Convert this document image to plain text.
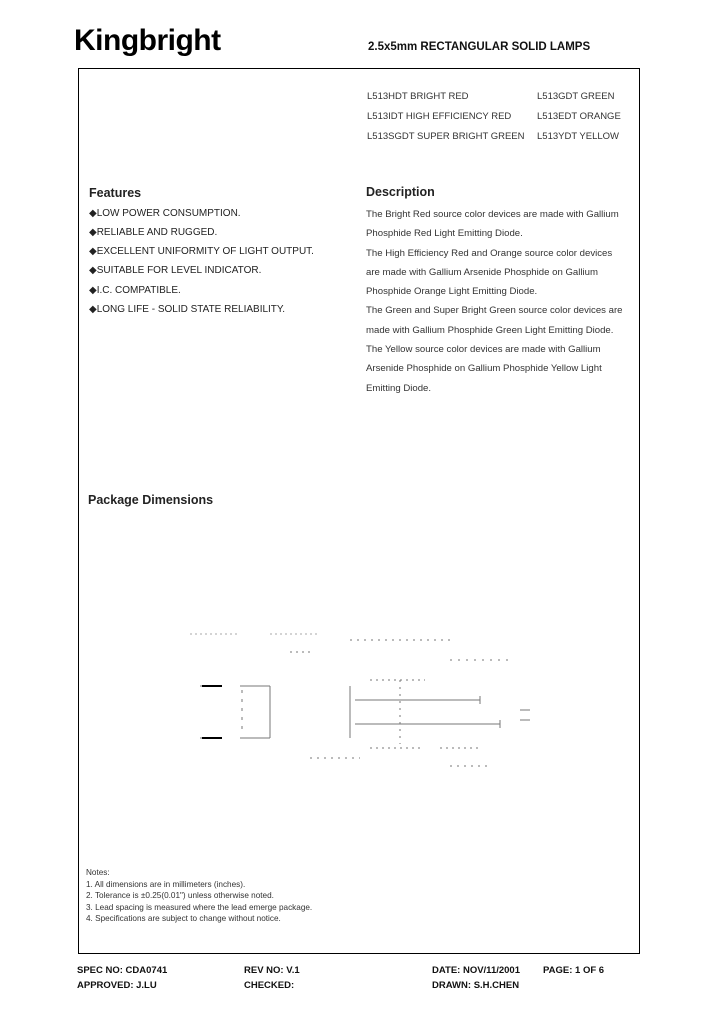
Kingbright	2.5x5mm RECTANGULAR SOLID LAMPS
L513HDT BRIGHT RED	L513GDT GREEN
L513IDT HIGH EFFICIENCY RED	L513EDT ORANGE
L513SGDT SUPER BRIGHT GREEN L513YDT YELLOW
Features
◆LOW POWER CONSUMPTION.
◆RELIABLE AND RUGGED.
◆EXCELLENT UNIFORMITY OF LIGHT OUTPUT.
◆SUITABLE FOR LEVEL INDICATOR.
◆I.C. COMPATIBLE.
◆LONG LIFE - SOLID STATE RELIABILITY.
Description

The Bright Red source color devices are made with Gallium Phosphide Red Light Emitting Diode.

The High Efficiency Red and Orange source color devices are made with Gallium Arsenide Phosphide on Gallium Phosphide Orange Light Emitting Diode.

The Green and Super Bright Green source color devices are made with Gallium Phosphide Green Light Emitting Diode.

The Yellow source color devices are made with Gallium Arsenide Phosphide on Gallium Phosphide Yellow Light Emitting Diode.

Package Dimensions
Notes:
1. All dimensions are in millimeters (inches).
2. Tolerance is ±0.25(0.01") unless otherwise noted.
3. Lead spacing is measured where the lead emerge package.
4. Specifications are subject to change without notice.
SPEC NO: CDA0741	REV NO: V.1	DATE: NOV/11/2001 PAGE: 1 OF 6
APPROVED: J.LU	CHECKED:	DRAWN: S.H.CHEN
